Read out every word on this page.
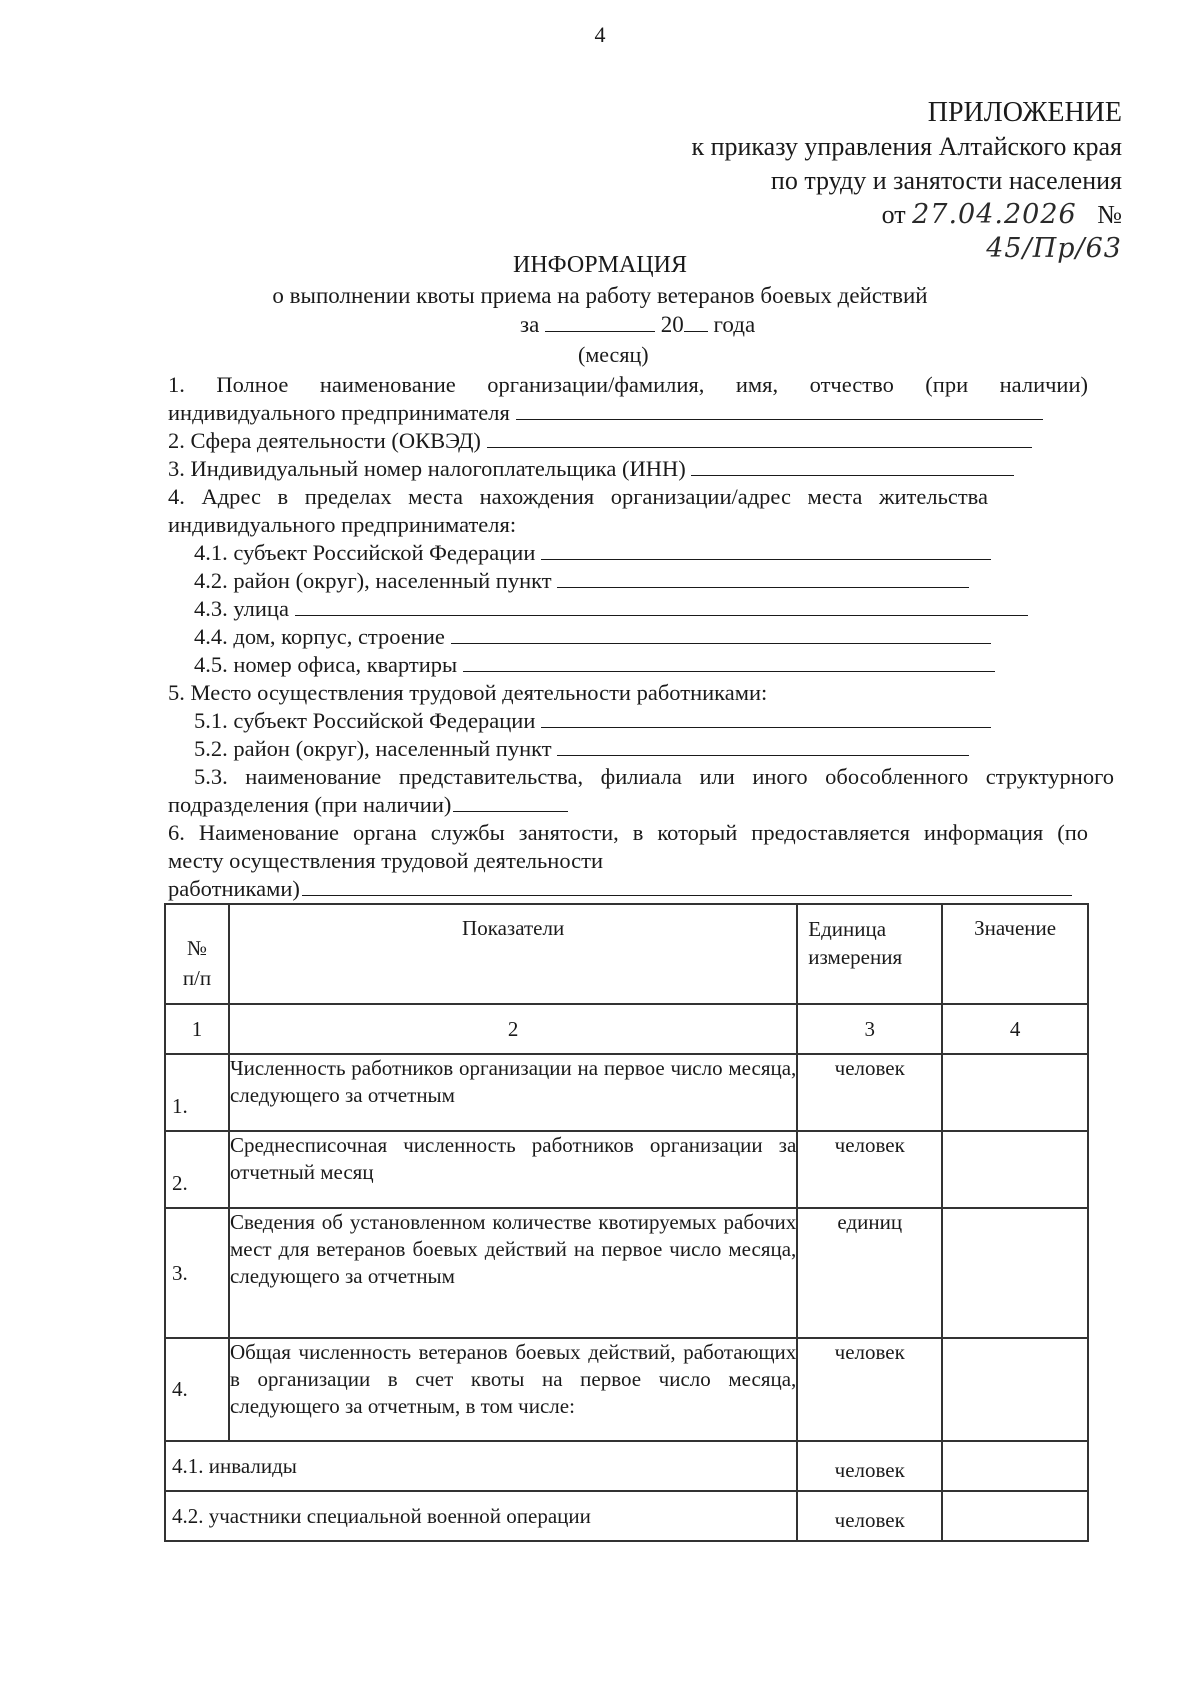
4
ПРИЛОЖЕНИЕ
к приказу управления Алтайского края
по труду и занятости населения
от 27.04.2026 №
45/Пр/63
ИНФОРМАЦИЯ
о выполнении квоты приема на работу ветеранов боевых действий
за	20 года
(месяц)
1. Полное наименование организации/фамилия, имя, отчество (при наличии)
индивидуального предпринимателя
2. Сфера деятельности (ОКВЭД)
3. Индивидуальный номер налогоплательщика (ИНН)
4. Адрес в пределах места нахождения организации/адрес места жительства
индивидуального предпринимателя:
4.1. субъект Российской Федерации
4.2. район (округ), населенный пункт
4.3. улица
4.4. дом, корпус, строение
4.5. номер офиса, квартиры
5. Место осуществления трудовой деятельности работниками:
5.1. субъект Российской Федерации
5.2. район (округ), населенный пункт
5.3. наименование представительства, филиала или иного обособленного структурного
подразделения (при наличии)
6. Наименование органа службы занятости, в который предоставляется информация (по
месту осуществления трудовой деятельности
работниками)
№ п/п	Показатели	Единица измерения	Значение
1	2	3	4
1.	Численность работников организации на первое число месяца, следующего за отчетным	человек	
2.	Среднесписочная численность работников организации за отчетный месяц	человек	
3.	Сведения об установленном количестве квотируемых рабочих мест для ветеранов боевых действий на первое число месяца, следующего за отчетным	единиц	
4.	Общая численность ветеранов боевых действий, работающих в организации в счет квоты на первое число месяца, следующего за отчетным, в том числе:	человек	
4.1. инвалиды		человек	
4.2. участники специальной военной операции		человек	
